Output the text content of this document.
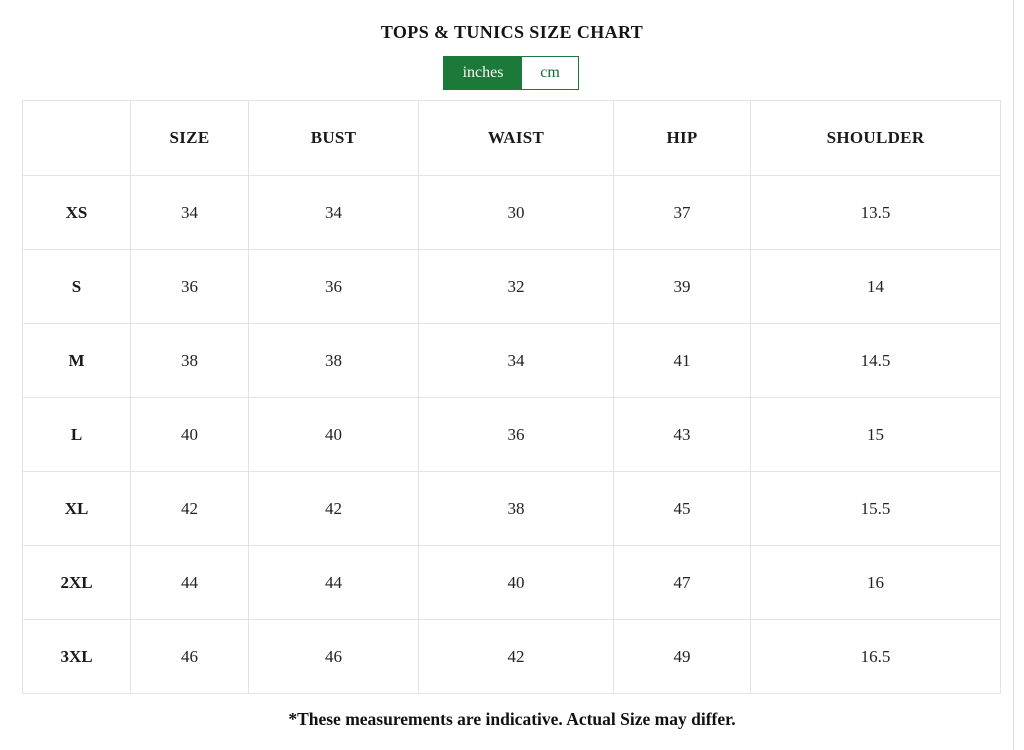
TOPS & TUNICS SIZE CHART
inches	cm
	SIZE	BUST	WAIST	HIP	SHOULDER
XS	34	34	30	37	13.5
S	36	36	32	39	14
M	38	38	34	41	14.5
L	40	40	36	43	15
XL	42	42	38	45	15.5
2XL	44	44	40	47	16
3XL	46	46	42	49	16.5
*These measurements are indicative. Actual Size may differ.
